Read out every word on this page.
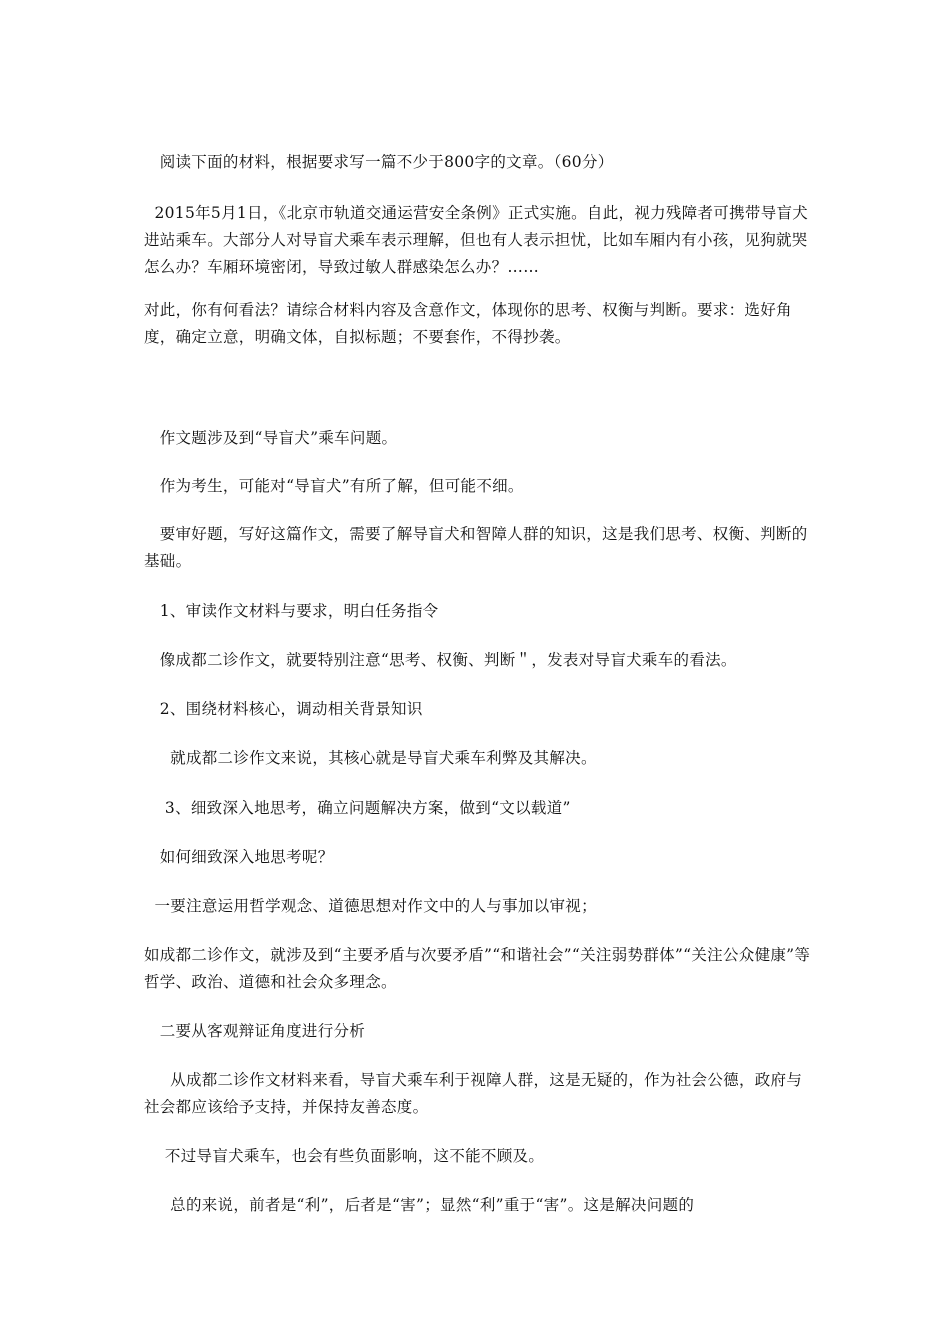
阅读下面的材料，根据要求写一篇不少于800字的文章。（60分）

2015年5月1日，《北京市轨道交通运营安全条例》正式实施。自此，视力残障者可携带导盲犬进站乘车。大部分人对导盲犬乘车表示理解，但也有人表示担忧，比如车厢内有小孩，见狗就哭怎么办？车厢环境密闭，导致过敏人群感染怎么办？……

对此，你有何看法？请综合材料内容及含意作文，体现你的思考、权衡与判断。要求：选好角度，确定立意，明确文体，自拟标题；不要套作，不得抄袭。

作文题涉及到“导盲犬”乘车问题。

作为考生，可能对“导盲犬”有所了解，但可能不细。

要审好题，写好这篇作文，需要了解导盲犬和智障人群的知识，这是我们思考、权衡、判断的基础。

1、审读作文材料与要求，明白任务指令

像成都二诊作文，就要特别注意“思考、权衡、判断＂，发表对导盲犬乘车的看法。

2、围绕材料核心，调动相关背景知识

就成都二诊作文来说，其核心就是导盲犬乘车利弊及其解决。

3、细致深入地思考，确立问题解决方案，做到“文以载道”

如何细致深入地思考呢？

一要注意运用哲学观念、道德思想对作文中的人与事加以审视；

如成都二诊作文，就涉及到“主要矛盾与次要矛盾”“和谐社会”“关注弱势群体”“关注公众健康”等哲学、政治、道德和社会众多理念。

二要从客观辩证角度进行分析

从成都二诊作文材料来看，导盲犬乘车利于视障人群，这是无疑的，作为社会公德，政府与社会都应该给予支持，并保持友善态度。

不过导盲犬乘车，也会有些负面影响，这不能不顾及。

总的来说，前者是“利”，后者是“害”；显然“利”重于“害”。这是解决问题的
